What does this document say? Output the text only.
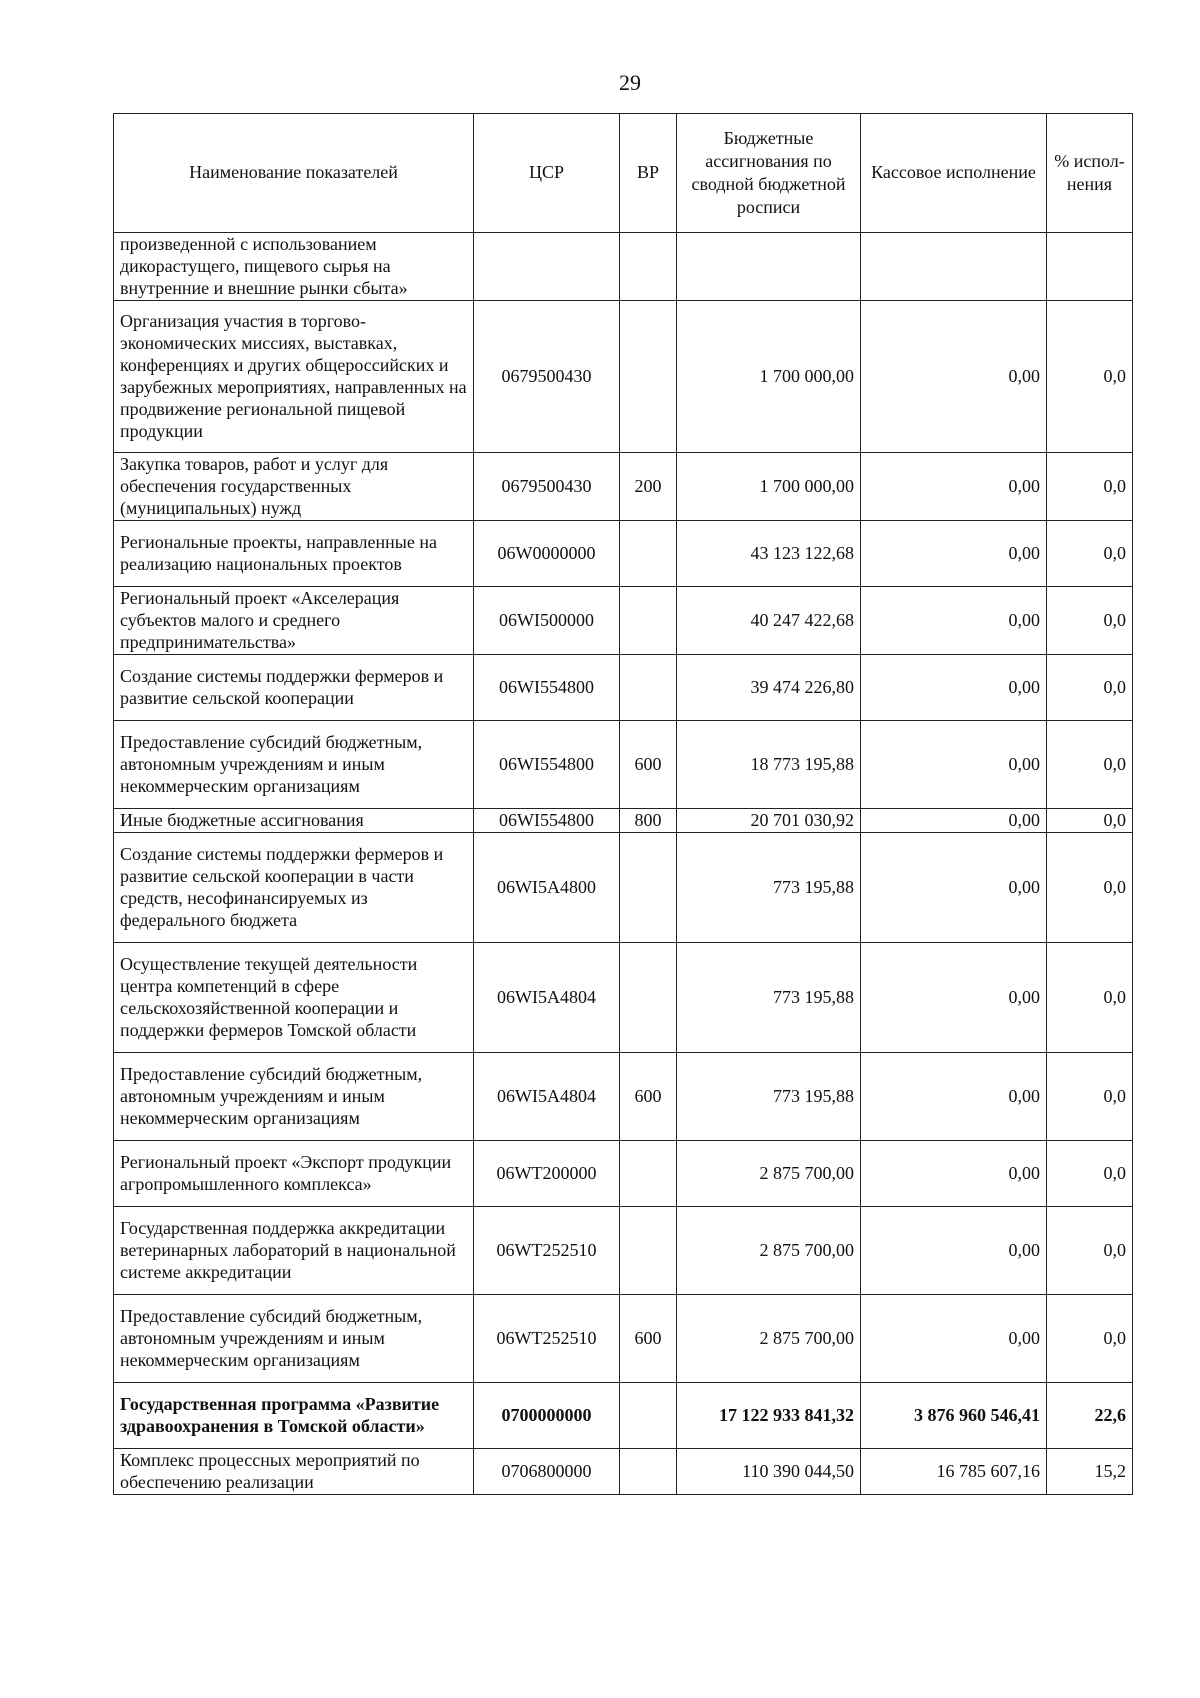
29
Наименование показателей	ЦСР	ВР	Бюджетные ассигнования по сводной бюджетной росписи	Кассовое исполнение	% испол-нения
произведенной с использованием дикорастущего, пищевого сырья на внутренние и внешние рынки сбыта»					
Организация участия в торгово-экономических миссиях, выставках, конференциях и других общероссийских и зарубежных мероприятиях, направленных на продвижение региональной пищевой продукции	0679500430		1 700 000,00	0,00	0,0
Закупка товаров, работ и услуг для обеспечения государственных (муниципальных) нужд	0679500430	200	1 700 000,00	0,00	0,0
Региональные проекты, направленные на реализацию национальных проектов	06W0000000		43 123 122,68	0,00	0,0
Региональный проект «Акселерация субъектов малого и среднего предпринимательства»	06WI500000		40 247 422,68	0,00	0,0
Создание системы поддержки фермеров и развитие сельской кооперации	06WI554800		39 474 226,80	0,00	0,0
Предоставление субсидий бюджетным, автономным учреждениям и иным некоммерческим организациям	06WI554800	600	18 773 195,88	0,00	0,0
Иные бюджетные ассигнования	06WI554800	800	20 701 030,92	0,00	0,0
Создание системы поддержки фермеров и развитие сельской кооперации в части средств, несофинансируемых из федерального бюджета	06WI5A4800		773 195,88	0,00	0,0
Осуществление текущей деятельности центра компетенций в сфере сельскохозяйственной кооперации и поддержки фермеров Томской области	06WI5A4804		773 195,88	0,00	0,0
Предоставление субсидий бюджетным, автономным учреждениям и иным некоммерческим организациям	06WI5A4804	600	773 195,88	0,00	0,0
Региональный проект «Экспорт продукции агропромышленного комплекса»	06WT200000		2 875 700,00	0,00	0,0
Государственная поддержка аккредитации ветеринарных лабораторий в национальной системе аккредитации	06WT252510		2 875 700,00	0,00	0,0
Предоставление субсидий бюджетным, автономным учреждениям и иным некоммерческим организациям	06WT252510	600	2 875 700,00	0,00	0,0
Государственная программа «Развитие здравоохранения в Томской области»	0700000000		17 122 933 841,32	3 876 960 546,41	22,6
Комплекс процессных мероприятий по обеспечению реализации	0706800000		110 390 044,50	16 785 607,16	15,2
